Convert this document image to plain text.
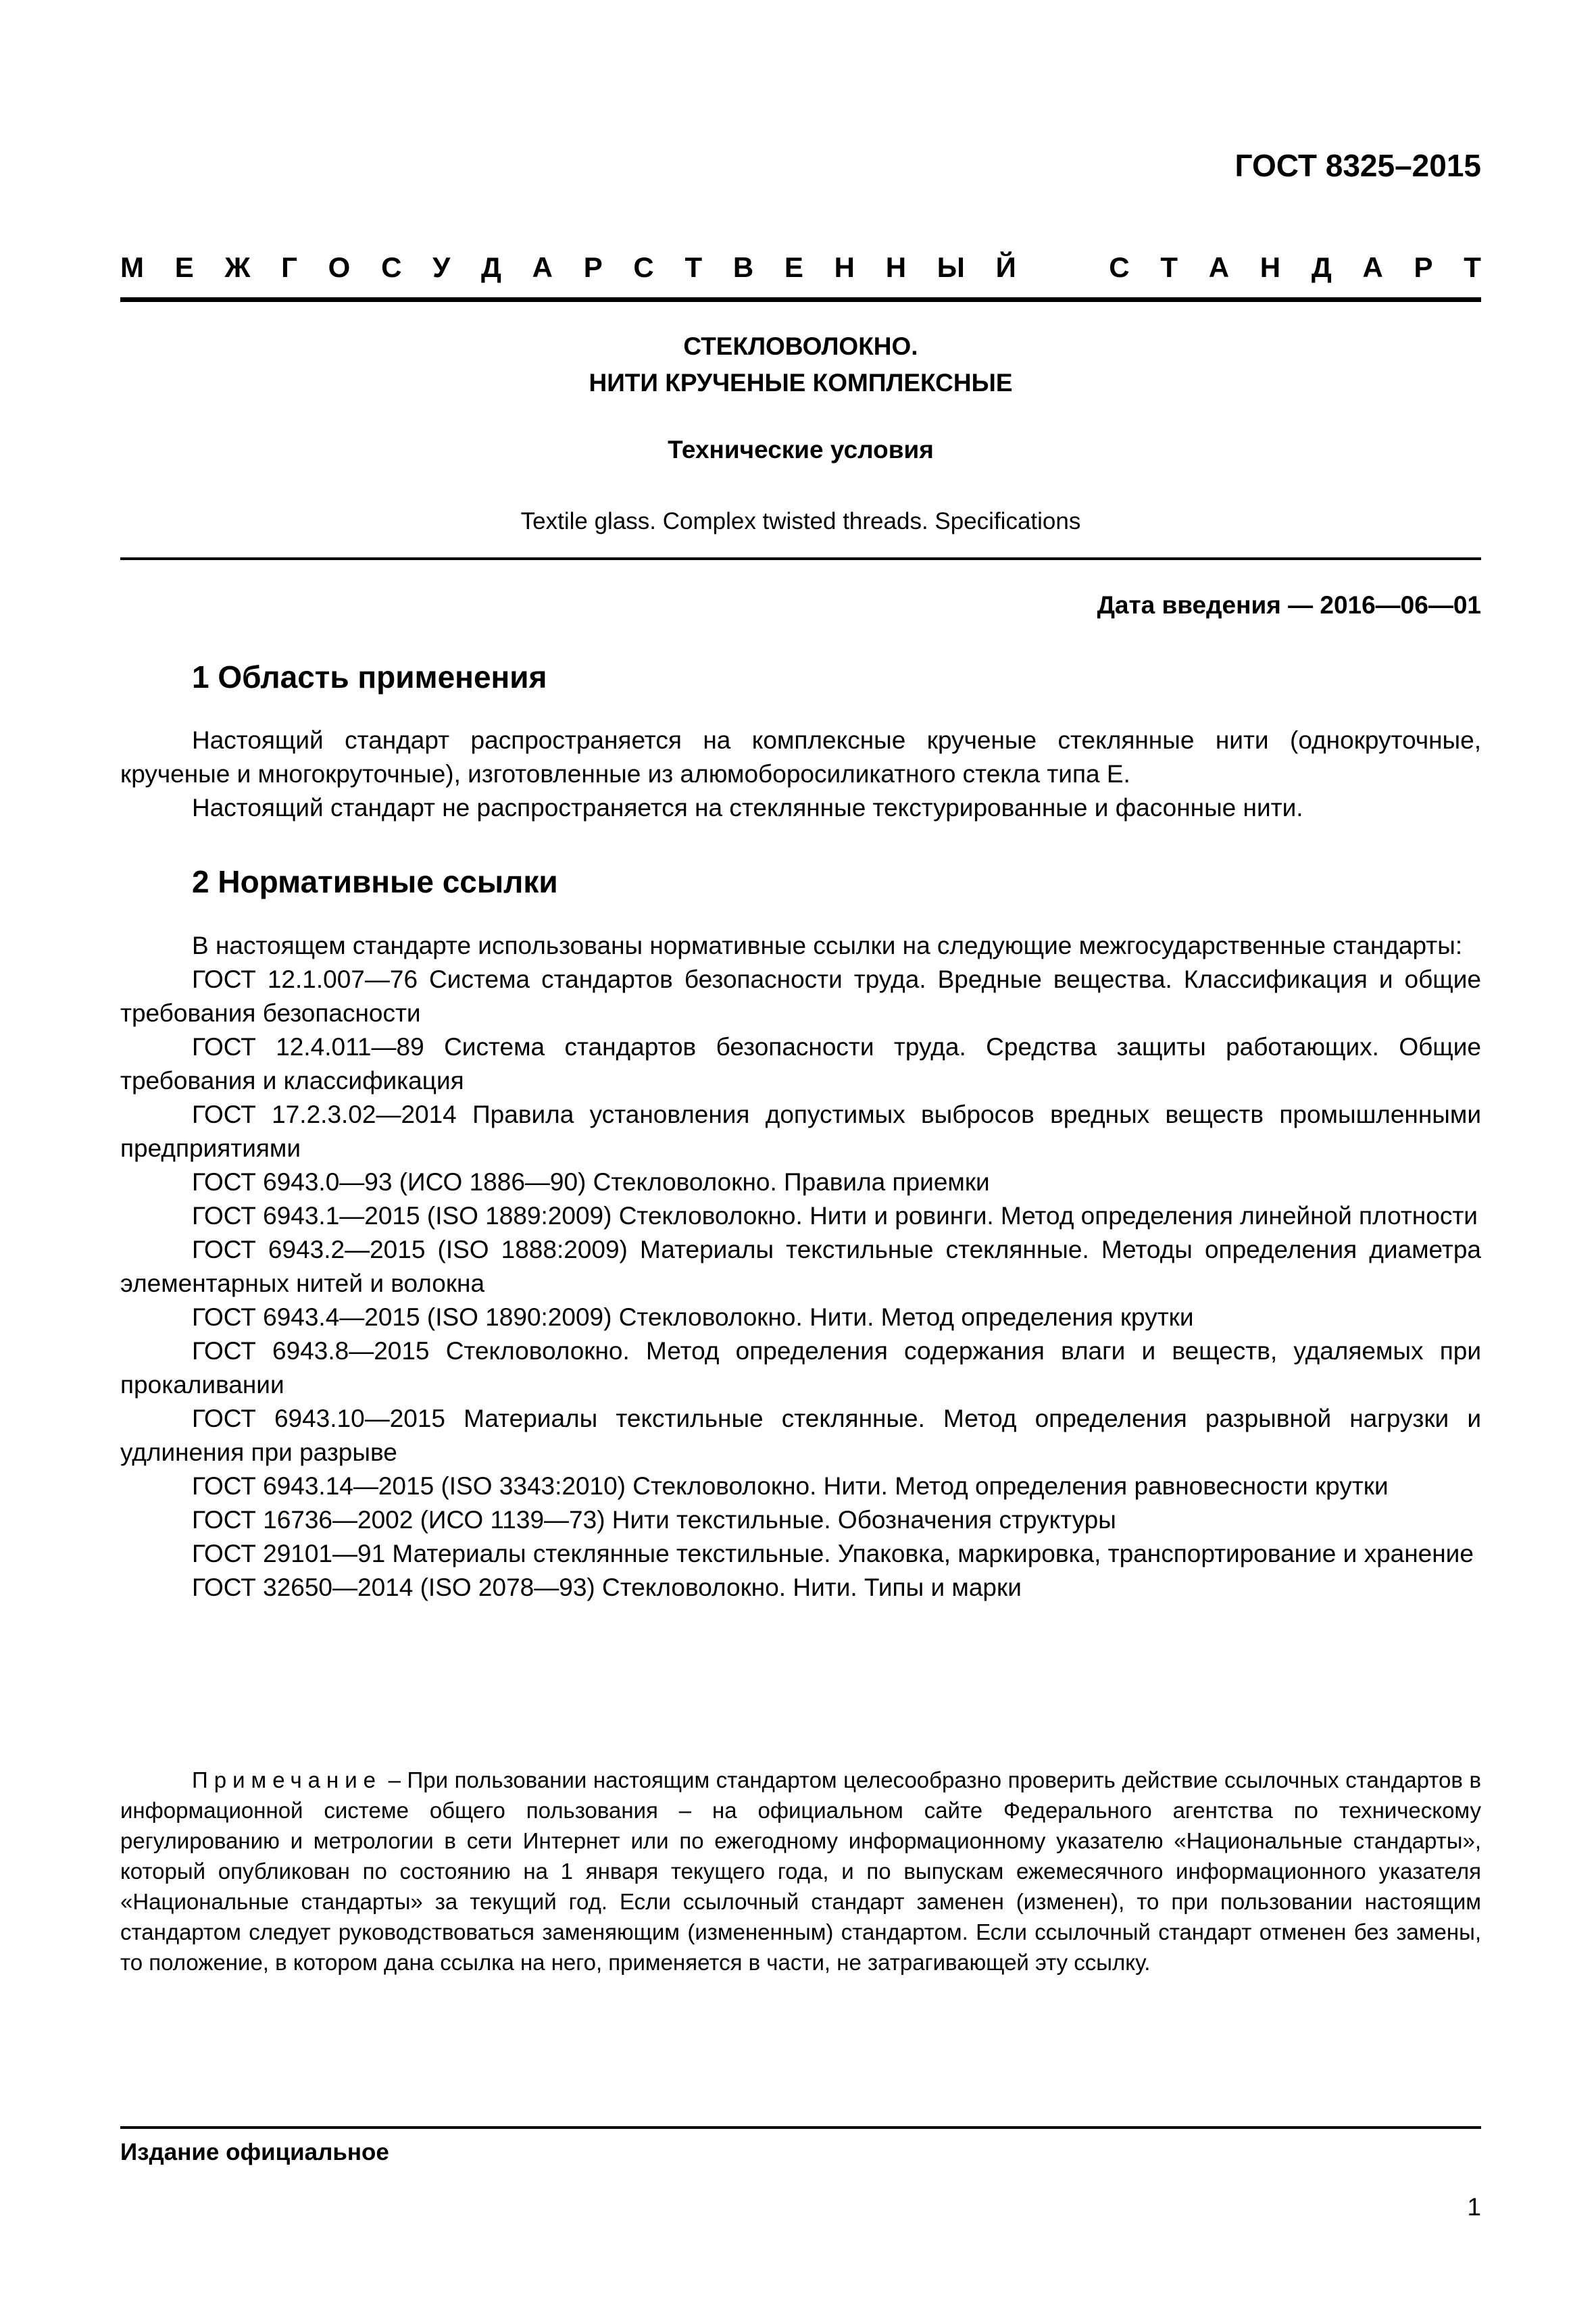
ГОСТ 8325–2015
М Е Ж Г О С У Д А Р С Т В Е Н Н Ы Й	С Т А Н Д А Р Т
СТЕКЛОВОЛОКНО.
НИТИ КРУЧЕНЫЕ КОМПЛЕКСНЫЕ
Технические условия
Textile glass. Complex twisted threads. Specifications
Дата введения — 2016—06—01
1 Область применения

Настоящий стандарт распространяется на комплексные крученые стеклянные нити (однокруточные, крученые и многокруточные), изготовленные из алюмоборосиликатного стекла типа Е.

Настоящий стандарт не распространяется на стеклянные текстурированные и фасонные нити.

2 Нормативные ссылки

В настоящем стандарте использованы нормативные ссылки на следующие межгосударственные стандарты:

ГОСТ 12.1.007—76 Система стандартов безопасности труда. Вредные вещества. Классификация и общие требования безопасности

ГОСТ 12.4.011—89 Система стандартов безопасности труда. Средства защиты работающих. Общие требования и классификация

ГОСТ 17.2.3.02—2014 Правила установления допустимых выбросов вредных веществ промышленными предприятиями

ГОСТ 6943.0—93 (ИСО 1886—90) Стекловолокно. Правила приемки

ГОСТ 6943.1—2015 (ISO 1889:2009) Стекловолокно. Нити и ровинги. Метод определения линейной плотности

ГОСТ 6943.2—2015 (ISO 1888:2009) Материалы текстильные стеклянные. Методы определения диаметра элементарных нитей и волокна

ГОСТ 6943.4—2015 (ISO 1890:2009) Стекловолокно. Нити. Метод определения крутки

ГОСТ 6943.8—2015 Стекловолокно. Метод определения содержания влаги и веществ, удаляемых при прокаливании

ГОСТ 6943.10—2015 Материалы текстильные стеклянные. Метод определения разрывной нагрузки и удлинения при разрыве

ГОСТ 6943.14—2015 (ISO 3343:2010) Стекловолокно. Нити. Метод определения равновесности крутки

ГОСТ 16736—2002 (ИСО 1139—73) Нити текстильные. Обозначения структуры

ГОСТ 29101—91 Материалы стеклянные текстильные. Упаковка, маркировка, транспортирование и хранение

ГОСТ 32650—2014 (ISO 2078—93) Стекловолокно. Нити. Типы и марки

Примечание – При пользовании настоящим стандартом целесообразно проверить действие ссылочных стандартов в информационной системе общего пользования – на официальном сайте Федерального агентства по техническому регулированию и метрологии в сети Интернет или по ежегодному информационному указателю «Национальные стандарты», который опубликован по состоянию на 1 января текущего года, и по выпускам ежемесячного информационного указателя «Национальные стандарты» за текущий год. Если ссылочный стандарт заменен (изменен), то при пользовании настоящим стандартом следует руководствоваться заменяющим (измененным) стандартом. Если ссылочный стандарт отменен без замены, то положение, в котором дана ссылка на него, применяется в части, не затрагивающей эту ссылку.

Издание официальное
1
